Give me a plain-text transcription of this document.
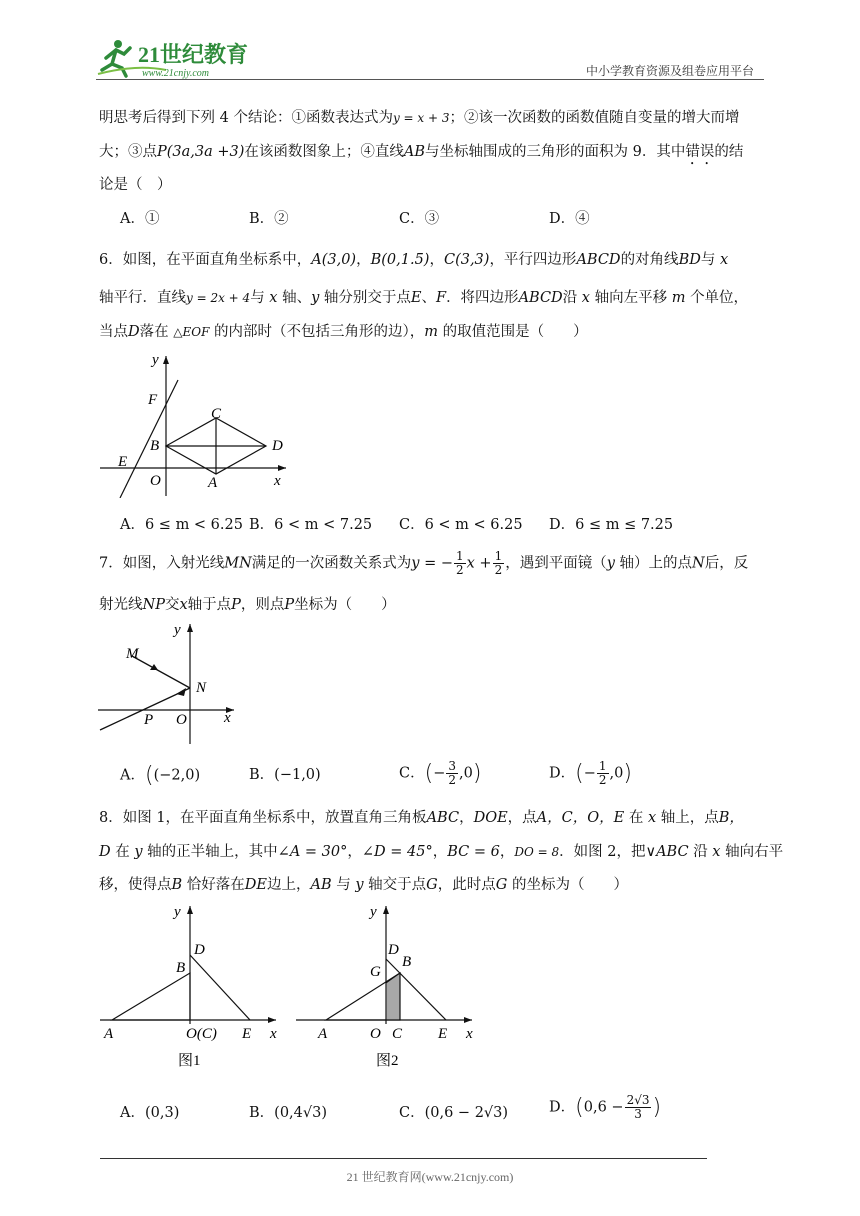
21世纪教育
www.21cnjy.com	中小学教育资源及组卷应用平台
明思考后得到下列 4 个结论：①函数表达式为y = x + 3；②该一次函数的函数值随自变量的增大而增
大；③点P(3a,3a +3)在该函数图象上；④直线AB与坐标轴围成的三角形的面积为 9．其中错误的结
论是（　）
A．①	B．②	C．③	D．④
6．如图，在平面直角坐标系中，A(3,0)，B(0,1.5)，C(3,3)，平行四边形ABCD的对角线BD与 x
轴平行．直线y = 2x + 4与 x 轴、y 轴分别交于点E、F．将四边形ABCD沿 x 轴向左平移 m 个单位，
当点D落在 △EOF 的内部时（不包括三角形的边），m 的取值范围是（　　）
y
F
C
B	D
E
O	A	x
A．6 ≤ m < 6.25 B．6 < m < 7.25 C．6 < m < 6.25 D．6 ≤ m ≤ 7.25
7．如图，入射光线MN满足的一次函数关系式为y = − $\frac{1}{2}$ $x + \frac{1}{2}$ ，遇到平面镜（y 轴）上的点N后，反
射光线NP交x轴于点P，则点P坐标为（　　）
y
M
N
P O x
A．((−2,0)	B．(−1,0)	C．(− $\frac{3}{2} ,0$)	D．(− $\frac{1}{2} ,0$)
8．如图 1，在平面直角坐标系中，放置直角三角板ABC，DOE，点A，C，O，E 在 x 轴上，点B，
D 在 y 轴的正半轴上，其中∠A = 30°，∠D = 45°，BC = 6，DO = 8．如图 2，把∨ABC 沿 x 轴向右平
移，使得点B 恰好落在DE边上，AB 与 y 轴交于点G，此时点G 的坐标为（　　）
y
D
B
A	O(C) E x
图1
y
D
G
B
A	O C E x
图2
A．(0,3)	B．(0,4√3)	C．(0,6 − 2√3)	D．($0,6 - \frac{2√3}{3}$ )
21 世纪教育网(www.21cnjy.com)
